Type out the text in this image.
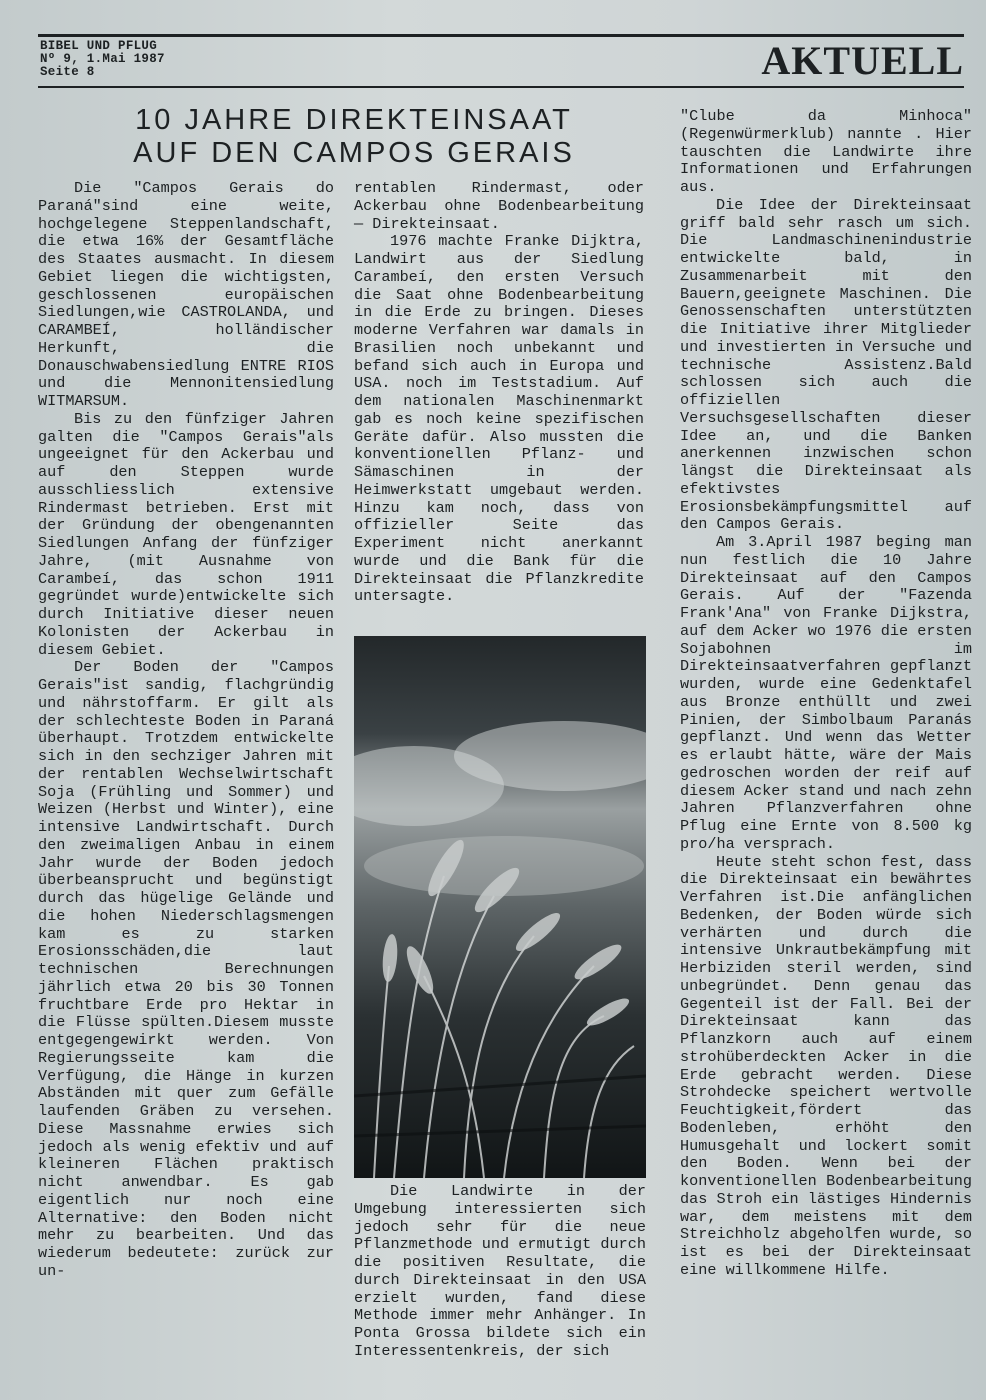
BIBEL UND PFLUG
Nº 9, 1.Mai 1987
Seite 8	AKTUELL
10 JAHRE DIREKTEINSAAT
AUF DEN CAMPOS GERAIS

Die "Campos Gerais do Paraná"sind eine weite, hochgelegene Steppenlandschaft, die etwa 16% der Gesamtfläche des Staates ausmacht. In diesem Gebiet liegen die wichtigsten, geschlossenen europäischen Siedlungen,wie CASTROLANDA, und CARAMBEÍ, holländischer Herkunft, die Donauschwabensiedlung ENTRE RIOS und die Mennonitensiedlung WITMARSUM.

Bis zu den fünfziger Jahren galten die "Campos Gerais"als ungeeignet für den Ackerbau und auf den Steppen wurde ausschliesslich extensive Rindermast betrieben. Erst mit der Gründung der obengenannten Siedlungen Anfang der fünfziger Jahre, (mit Ausnahme von Carambeí, das schon 1911 gegründet wurde)entwickelte sich durch Initiative dieser neuen Kolonisten der Ackerbau in diesem Gebiet.

Der Boden der "Campos Gerais"ist sandig, flachgründig und nährstoffarm. Er gilt als der schlechteste Boden in Paraná überhaupt. Trotzdem entwickelte sich in den sechziger Jahren mit der rentablen Wechselwirtschaft Soja (Frühling und Sommer) und Weizen (Herbst und Winter), eine intensive Landwirtschaft. Durch den zweimaligen Anbau in einem Jahr wurde der Boden jedoch überbeansprucht und begünstigt durch das hügelige Gelände und die hohen Niederschlagsmengen kam es zu starken Erosionsschäden,die laut technischen Berechnungen jährlich etwa 20 bis 30 Tonnen fruchtbare Erde pro Hektar in die Flüsse spülten.Diesem musste entgegengewirkt werden. Von Regierungsseite kam die Verfügung, die Hänge in kurzen Abständen mit quer zum Gefälle laufenden Gräben zu versehen. Diese Massnahme erwies sich jedoch als wenig efektiv und auf kleineren Flächen praktisch nicht anwendbar. Es gab eigentlich nur noch eine Alternative: den Boden nicht mehr zu bearbeiten. Und das wiederum bedeutete: zurück zur un-

rentablen Rindermast, oder Ackerbau ohne Bodenbearbeitung — Direkteinsaat.

1976 machte Franke Dijktra, Landwirt aus der Siedlung Carambeí, den ersten Versuch die Saat ohne Bodenbearbeitung in die Erde zu bringen. Dieses moderne Verfahren war damals in Brasilien noch unbekannt und befand sich auch in Europa und USA. noch im Teststadium. Auf dem nationalen Maschinenmarkt gab es noch keine spezifischen Geräte dafür. Also mussten die konventionellen Pflanz- und Sämaschinen in der Heimwerkstatt umgebaut werden. Hinzu kam noch, dass von offizieller Seite das Experiment nicht anerkannt wurde und die Bank für die Direkteinsaat die Pflanzkredite untersagte.

Die Landwirte in der Umgebung interessierten sich jedoch sehr für die neue Pflanzmethode und ermutigt durch die positiven Resultate, die durch Direkteinsaat in den USA erzielt wurden, fand diese Methode immer mehr Anhänger. In Ponta Grossa bildete sich ein Interessentenkreis, der sich

"Clube da Minhoca" (Regenwürmerklub) nannte . Hier tauschten die Landwirte ihre Informationen und Erfahrungen aus.

Die Idee der Direkteinsaat griff bald sehr rasch um sich. Die Landmaschinenindustrie entwickelte bald, in Zusammenarbeit mit den Bauern,geeignete Maschinen. Die Genossenschaften unterstützten die Initiative ihrer Mitglieder und investierten in Versuche und technische Assistenz.Bald schlossen sich auch die offiziellen Versuchsgesellschaften dieser Idee an, und die Banken anerkennen inzwischen schon längst die Direkteinsaat als efektivstes Erosionsbekämpfungsmittel auf den Campos Gerais.

Am 3.April 1987 beging man nun festlich die 10 Jahre Direkteinsaat auf den Campos Gerais. Auf der "Fazenda Frank'Ana" von Franke Dijkstra, auf dem Acker wo 1976 die ersten Sojabohnen im Direkteinsaatverfahren gepflanzt wurden, wurde eine Gedenktafel aus Bronze enthüllt und zwei Pinien, der Simbolbaum Paranás gepflanzt. Und wenn das Wetter es erlaubt hätte, wäre der Mais gedroschen worden der reif auf diesem Acker stand und nach zehn Jahren Pflanzverfahren ohne Pflug eine Ernte von 8.500 kg pro/ha versprach.

Heute steht schon fest, dass die Direkteinsaat ein bewährtes Verfahren ist.Die anfänglichen Bedenken, der Boden würde sich verhärten und durch die intensive Unkrautbekämpfung mit Herbiziden steril werden, sind unbegründet. Denn genau das Gegenteil ist der Fall. Bei der Direkteinsaat kann das Pflanzkorn auch auf einem strohüberdeckten Acker in die Erde gebracht werden. Diese Strohdecke speichert wertvolle Feuchtigkeit,fördert das Bodenleben, erhöht den Humusgehalt und lockert somit den Boden. Wenn bei der konventionellen Bodenbearbeitung das Stroh ein lästiges Hindernis war, dem meistens mit dem Streichholz abgeholfen wurde, so ist es bei der Direkteinsaat eine willkommene Hilfe.
